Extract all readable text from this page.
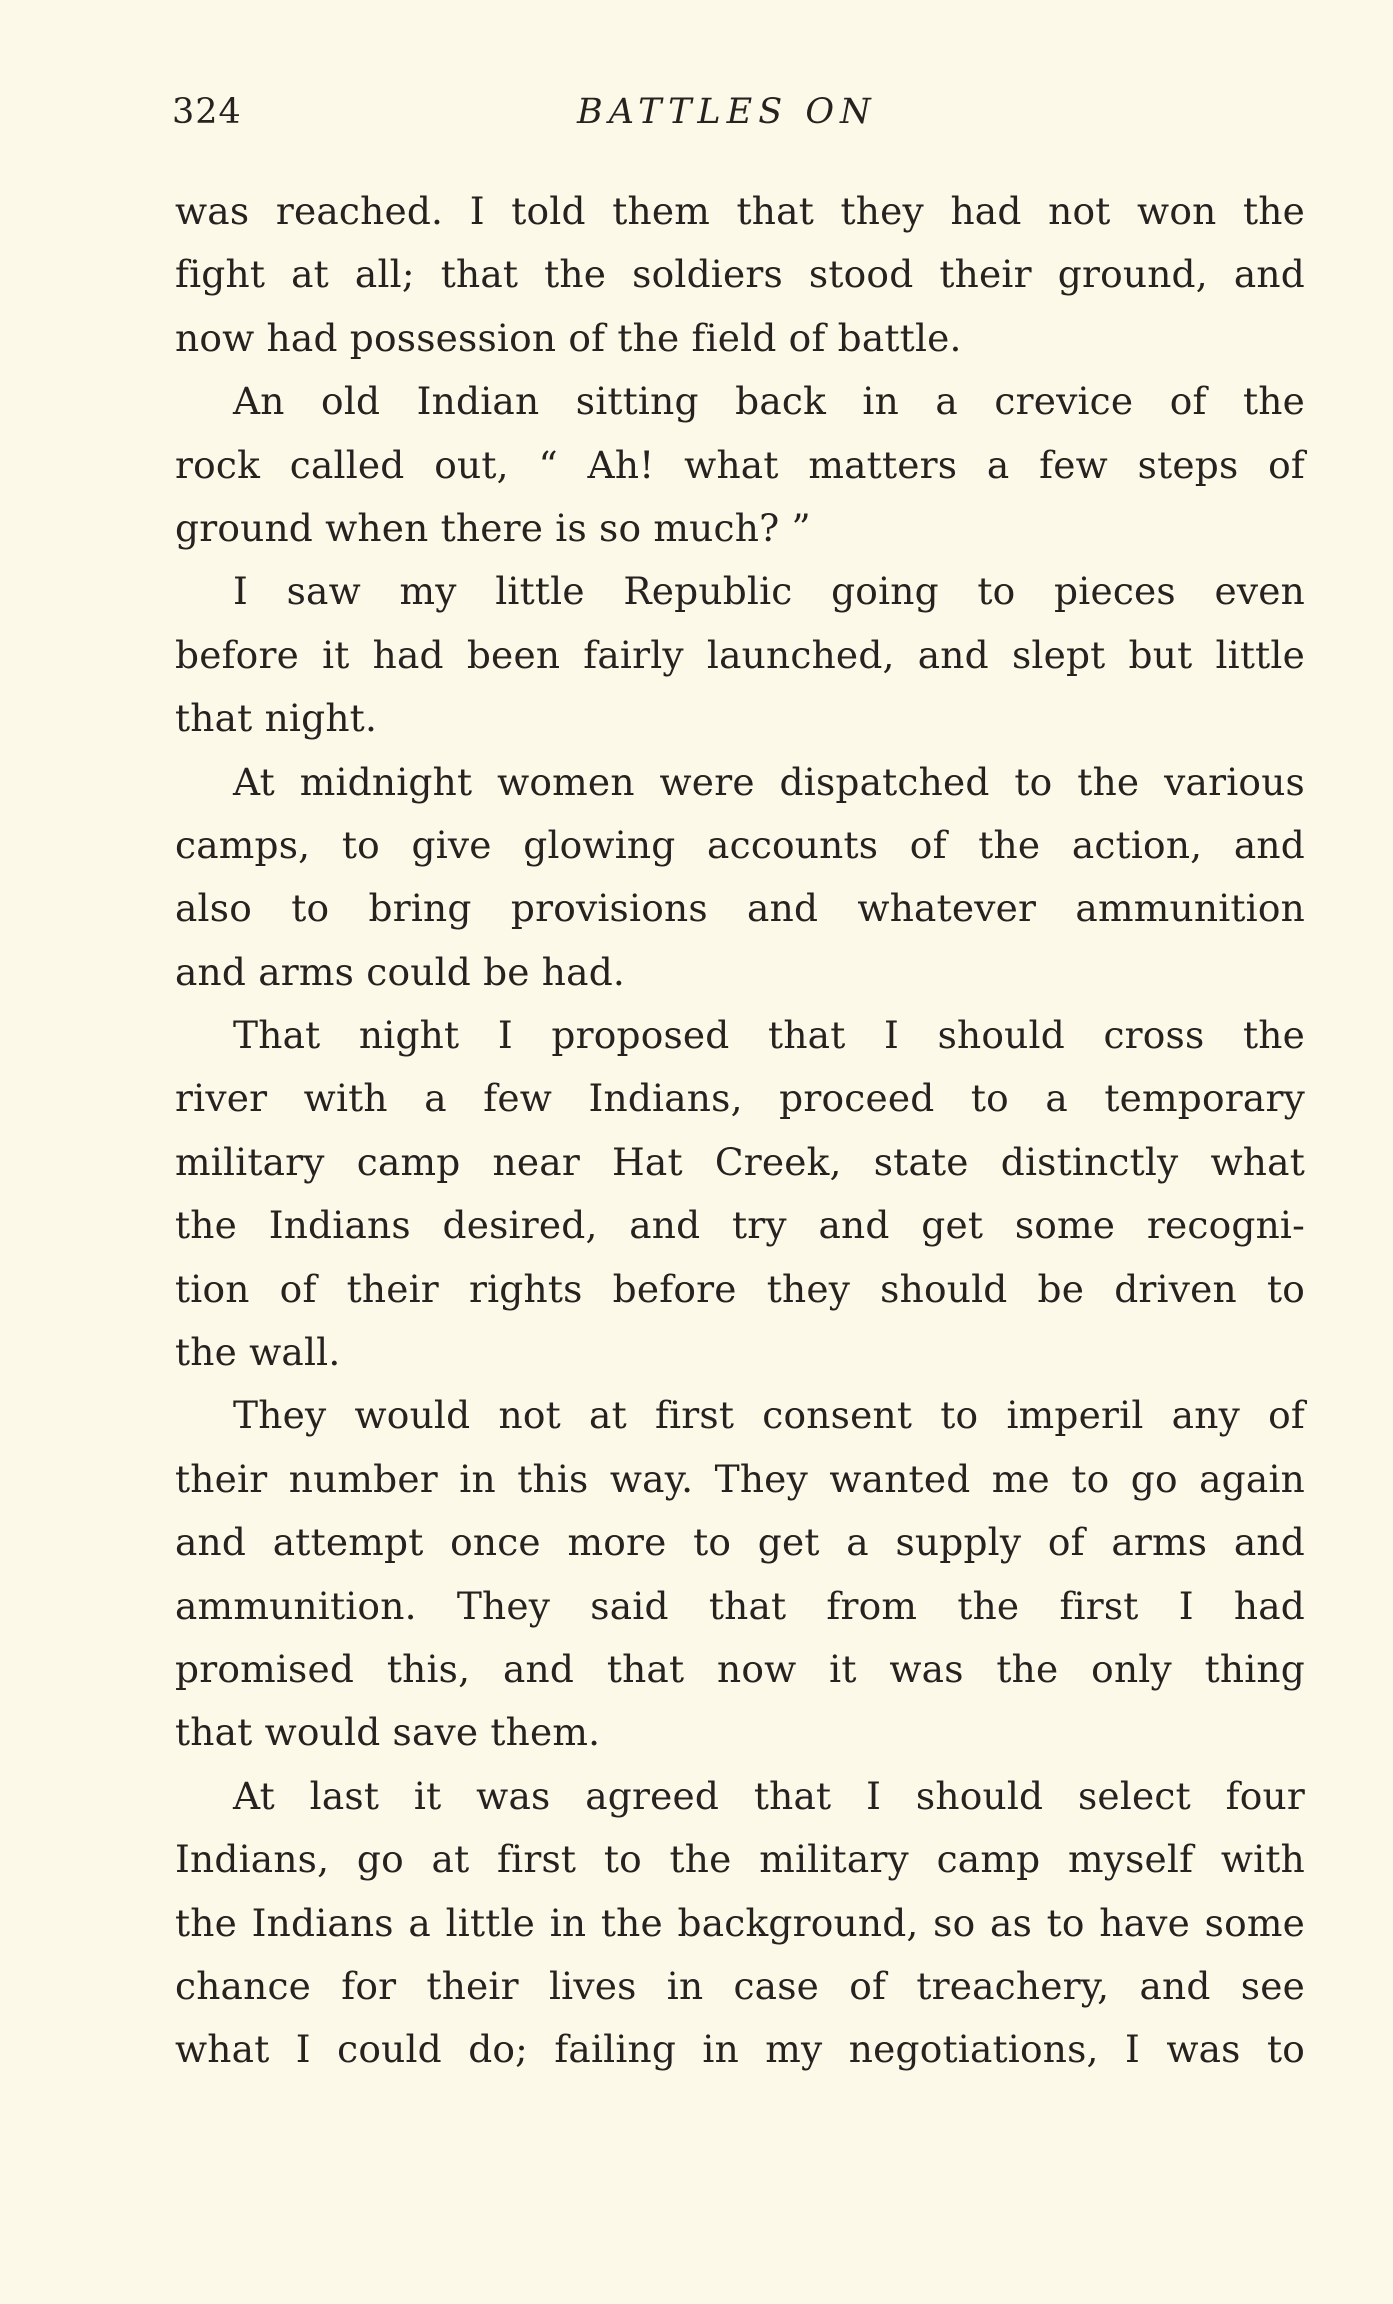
324	BATTLES ON
was reached. I told them that they had not won the
fight at all; that the soldiers stood their ground, and
now had possession of the field of battle.
An old Indian sitting back in a crevice of the
rock called out, “ Ah! what matters a few steps of
ground when there is so much? ”
I saw my little Republic going to pieces even
before it had been fairly launched, and slept but little
that night.
At midnight women were dispatched to the various
camps, to give glowing accounts of the action, and
also to bring provisions and whatever ammunition
and arms could be had.
That night I proposed that I should cross the
river with a few Indians, proceed to a temporary
military camp near Hat Creek, state distinctly what
the Indians desired, and try and get some recogni-
tion of their rights before they should be driven to
the wall.
They would not at first consent to imperil any of
their number in this way. They wanted me to go again
and attempt once more to get a supply of arms and
ammunition. They said that from the first I had
promised this, and that now it was the only thing
that would save them.
At last it was agreed that I should select four
Indians, go at first to the military camp myself with
the Indians a little in the background, so as to have some
chance for their lives in case of treachery, and see
what I could do; failing in my negotiations, I was to
